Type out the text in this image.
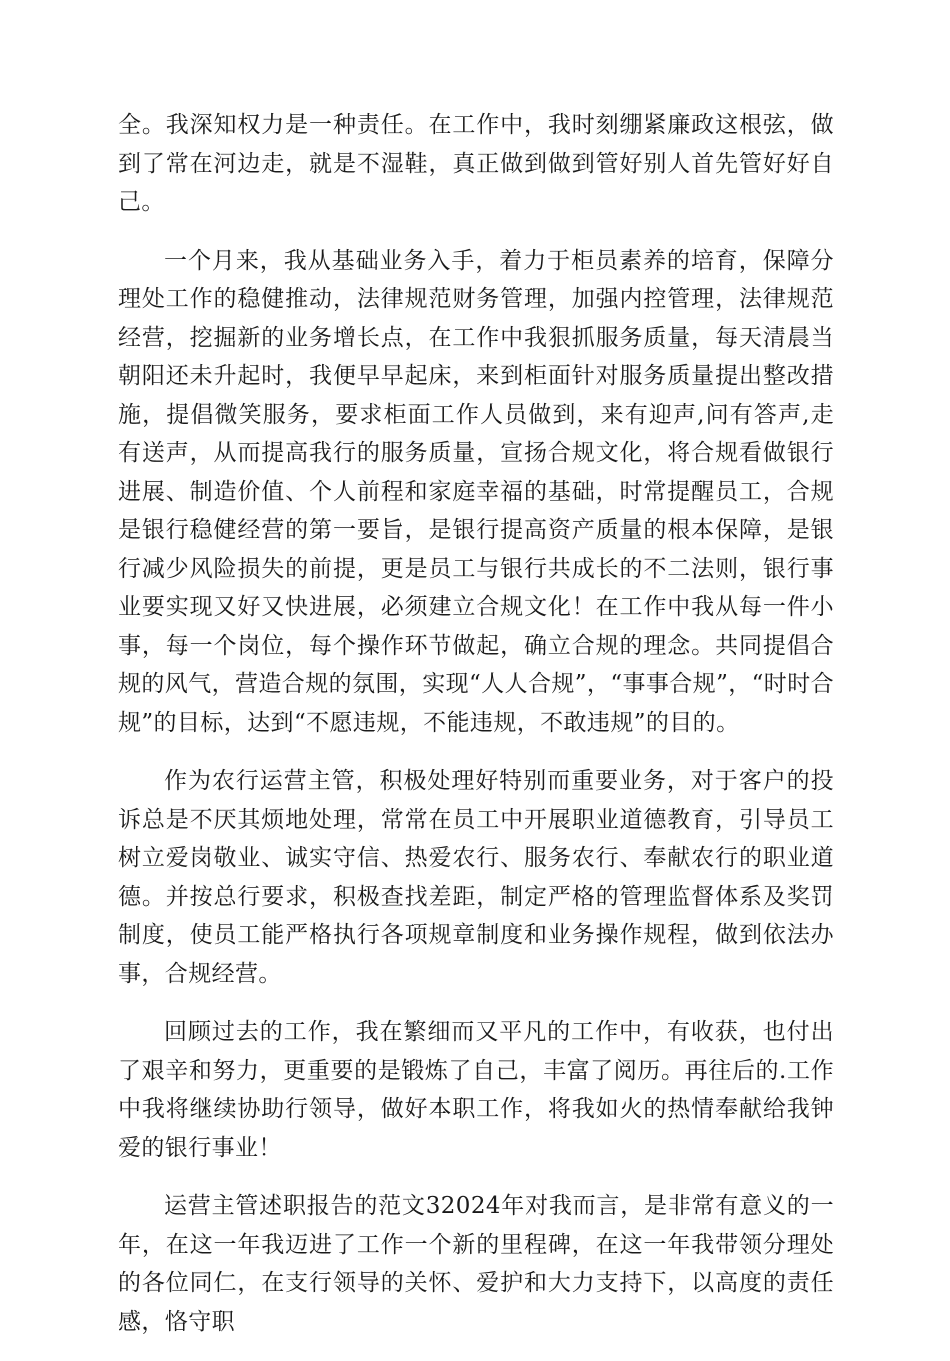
全。我深知权力是一种责任。在工作中，我时刻绷紧廉政这根弦，做到了常在河边走，就是不湿鞋，真正做到做到管好别人首先管好好自己。

一个月来，我从基础业务入手，着力于柜员素养的培育，保障分理处工作的稳健推动，法律规范财务管理，加强内控管理，法律规范经营，挖掘新的业务增长点，在工作中我狠抓服务质量，每天清晨当朝阳还未升起时，我便早早起床，来到柜面针对服务质量提出整改措施，提倡微笑服务，要求柜面工作人员做到，来有迎声,问有答声,走有送声，从而提高我行的服务质量，宣扬合规文化，将合规看做银行进展、制造价值、个人前程和家庭幸福的基础，时常提醒员工，合规是银行稳健经营的第一要旨，是银行提高资产质量的根本保障，是银行减少风险损失的前提，更是员工与银行共成长的不二法则，银行事业要实现又好又快进展，必须建立合规文化！在工作中我从每一件小事，每一个岗位，每个操作环节做起，确立合规的理念。共同提倡合规的风气，营造合规的氛围，实现“人人合规”，“事事合规”，“时时合规”的目标，达到“不愿违规，不能违规，不敢违规”的目的。

作为农行运营主管，积极处理好特别而重要业务，对于客户的投诉总是不厌其烦地处理，常常在员工中开展职业道德教育，引导员工树立爱岗敬业、诚实守信、热爱农行、服务农行、奉献农行的职业道德。并按总行要求，积极查找差距，制定严格的管理监督体系及奖罚制度，使员工能严格执行各项规章制度和业务操作规程，做到依法办事，合规经营。

回顾过去的工作，我在繁细而又平凡的工作中，有收获，也付出了艰辛和努力，更重要的是锻炼了自己，丰富了阅历。再往后的.工作中我将继续协助行领导，做好本职工作，将我如火的热情奉献给我钟爱的银行事业！

运营主管述职报告的范文32024年对我而言，是非常有意义的一年，在这一年我迈进了工作一个新的里程碑，在这一年我带领分理处的各位同仁，在支行领导的关怀、爱护和大力支持下，以高度的责任感，恪守职
